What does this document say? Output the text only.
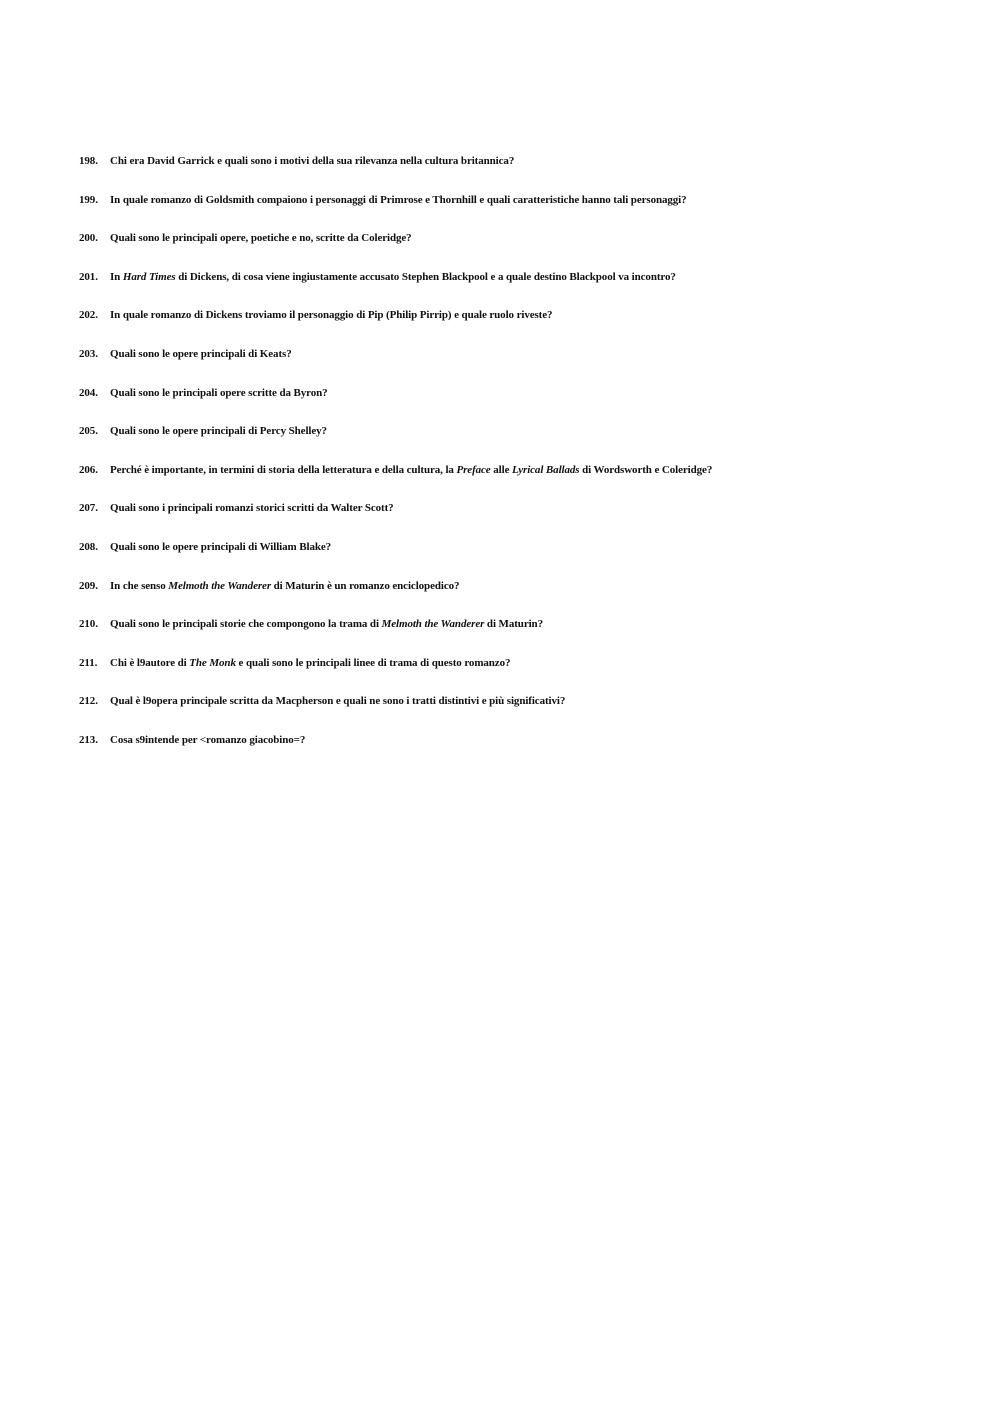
198.	Chi era David Garrick e quali sono i motivi della sua rilevanza nella cultura britannica?
199.	In quale romanzo di Goldsmith compaiono i personaggi di Primrose e Thornhill e quali caratteristiche hanno tali personaggi?
200.	Quali sono le principali opere, poetiche e no, scritte da Coleridge?
201.	In Hard Times di Dickens, di cosa viene ingiustamente accusato Stephen Blackpool e a quale destino Blackpool va incontro?
202.	In quale romanzo di Dickens troviamo il personaggio di Pip (Philip Pirrip) e quale ruolo riveste?
203.	Quali sono le opere principali di Keats?
204.	Quali sono le principali opere scritte da Byron?
205.	Quali sono le opere principali di Percy Shelley?
206.	Perché è importante, in termini di storia della letteratura e della cultura, la Preface alle Lyrical Ballads di Wordsworth e Coleridge?
207.	Quali sono i principali romanzi storici scritti da Walter Scott?
208.	Quali sono le opere principali di William Blake?
209.	In che senso Melmoth the Wanderer di Maturin è un romanzo enciclopedico?
210.	Quali sono le principali storie che compongono la trama di Melmoth the Wanderer di Maturin?
211.	Chi è l9autore di The Monk e quali sono le principali linee di trama di questo romanzo?
212.	Qual è l9opera principale scritta da Macpherson e quali ne sono i tratti distintivi e più significativi?
213.	Cosa s9intende per <romanzo giacobino=?
